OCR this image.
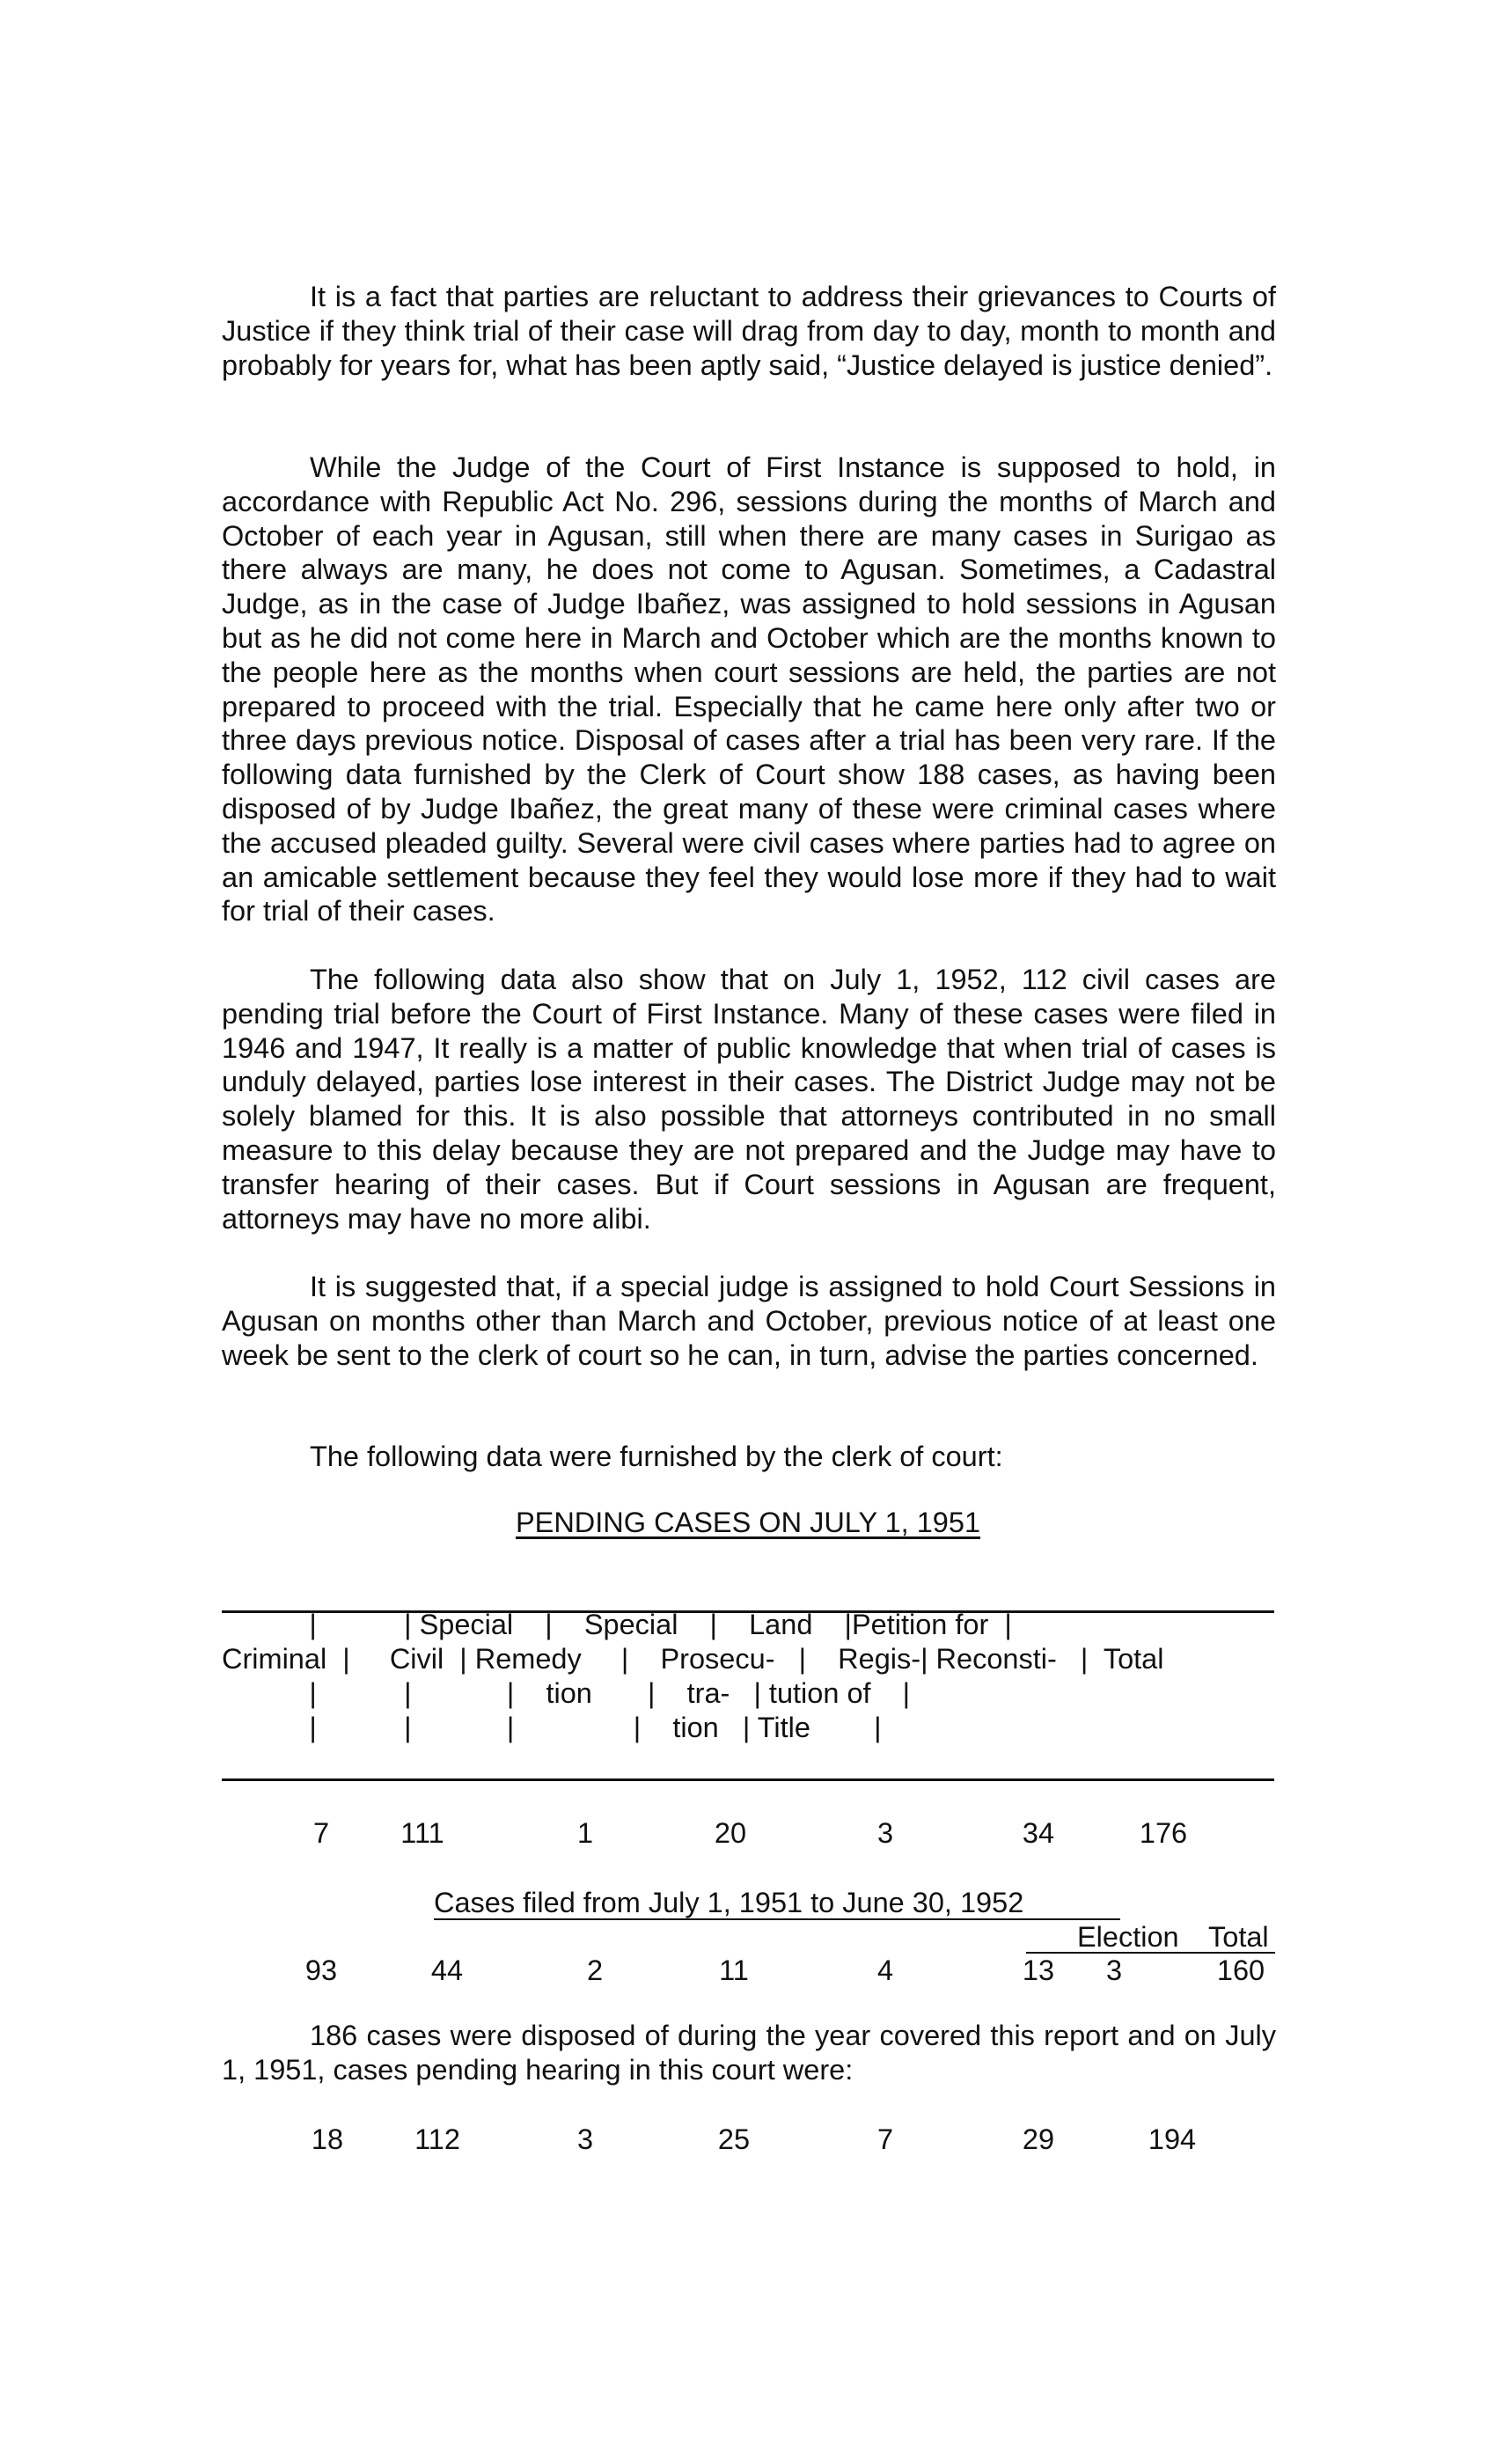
It is a fact that parties are reluctant to address their grievances to Courts of Justice if they think trial of their case will drag from day to day, month to month and probably for years for, what has been aptly said, “Justice delayed is justice denied”.

While the Judge of the Court of First Instance is supposed to hold, in accordance with Republic Act No. 296, sessions during the months of March and October of each year in Agusan, still when there are many cases in Surigao as there always are many, he does not come to Agusan. Sometimes, a Cadastral Judge, as in the case of Judge Ibañez, was assigned to hold sessions in Agusan but as he did not come here in March and October which are the months known to the people here as the months when court sessions are held, the parties are not prepared to proceed with the trial. Especially that he came here only after two or three days previous notice. Disposal of cases after a trial has been very rare. If the following data furnished by the Clerk of Court show 188 cases, as having been disposed of by Judge Ibañez, the great many of these were criminal cases where the accused pleaded guilty. Several were civil cases where parties had to agree on an amicable settlement because they feel they would lose more if they had to wait for trial of their cases.

The following data also show that on July 1, 1952, 112 civil cases are pending trial before the Court of First Instance. Many of these cases were filed in 1946 and 1947, It really is a matter of public knowledge that when trial of cases is unduly delayed, parties lose interest in their cases. The District Judge may not be solely blamed for this. It is also possible that attorneys contributed in no small measure to this delay because they are not prepared and the Judge may have to transfer hearing of their cases. But if Court sessions in Agusan are frequent, attorneys may have no more alibi.

It is suggested that, if a special judge is assigned to hold Court Sessions in Agusan on months other than March and October, previous notice of at least one week be sent to the clerk of court so he can, in turn, advise the parties concerned.

The following data were furnished by the clerk of court:

PENDING CASES ON JULY 1, 1951

|           | Special    |    Special    |    Land    |Petition for  |
Criminal  |     Civil  | Remedy     |    Prosecu-   |    Regis-| Reconsti-   |  Total
|           |            |    tion       |    tra-   | tution of    |
|           |            |               |    tion   | Title        |
7	111	1	20	3	34	176
Cases filed from July 1, 1951 to June 30, 1952

Election Total
93	44	2	11	4	13	3	160

186 cases were disposed of during the year covered this report and on July 1, 1951, cases pending hearing in this court were:

18	112	3	25	7	29	194
